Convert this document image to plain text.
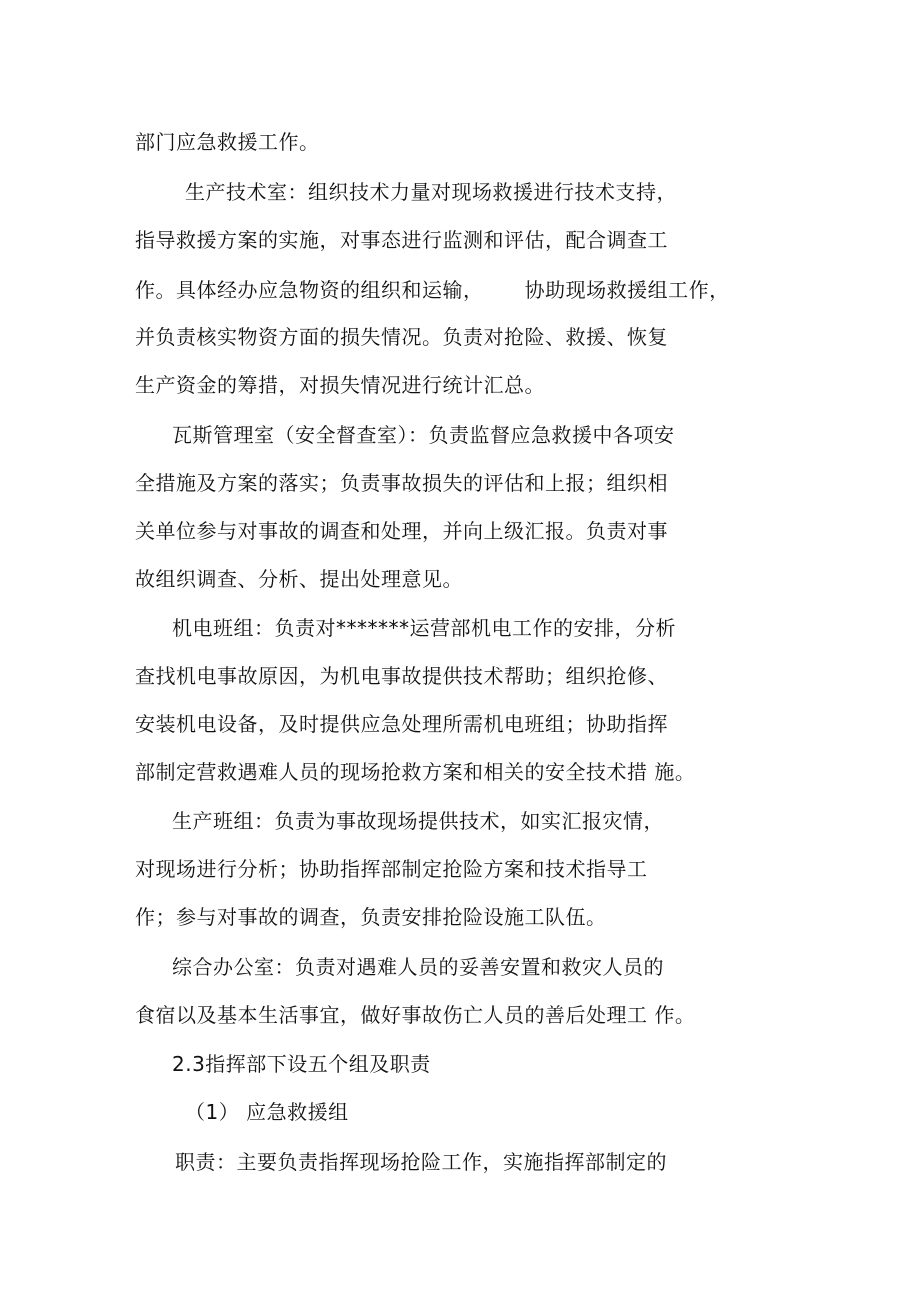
部门应急救援工作。
生产技术室：组织技术力量对现场救援进行技术支持，
指导救援方案的实施，对事态进行监测和评估，配合调查工
作。具体经办应急物资的组织和运输，      协助现场救援组工作，
并负责核实物资方面的损失情况。负责对抢险、救援、恢复
生产资金的筹措，对损失情况进行统计汇总。
瓦斯管理室（安全督查室）：负责监督应急救援中各项安
全措施及方案的落实；负责事故损失的评估和上报；组织相
关单位参与对事故的调查和处理，并向上级汇报。负责对事
故组织调查、分析、提出处理意见。
机电班组：负责对*******运营部机电工作的安排，分析
查找机电事故原因，为机电事故提供技术帮助；组织抢修、
安装机电设备，及时提供应急处理所需机电班组；协助指挥
部制定营救遇难人员的现场抢救方案和相关的安全技术措 施。
生产班组：负责为事故现场提供技术，如实汇报灾情，
对现场进行分析；协助指挥部制定抢险方案和技术指导工
作；参与对事故的调查，负责安排抢险设施工队伍。
综合办公室：负责对遇难人员的妥善安置和救灾人员的
食宿以及基本生活事宜，做好事故伤亡人员的善后处理工 作。
2.3指挥部下设五个组及职责
（1） 应急救援组
职责：主要负责指挥现场抢险工作，实施指挥部制定的
